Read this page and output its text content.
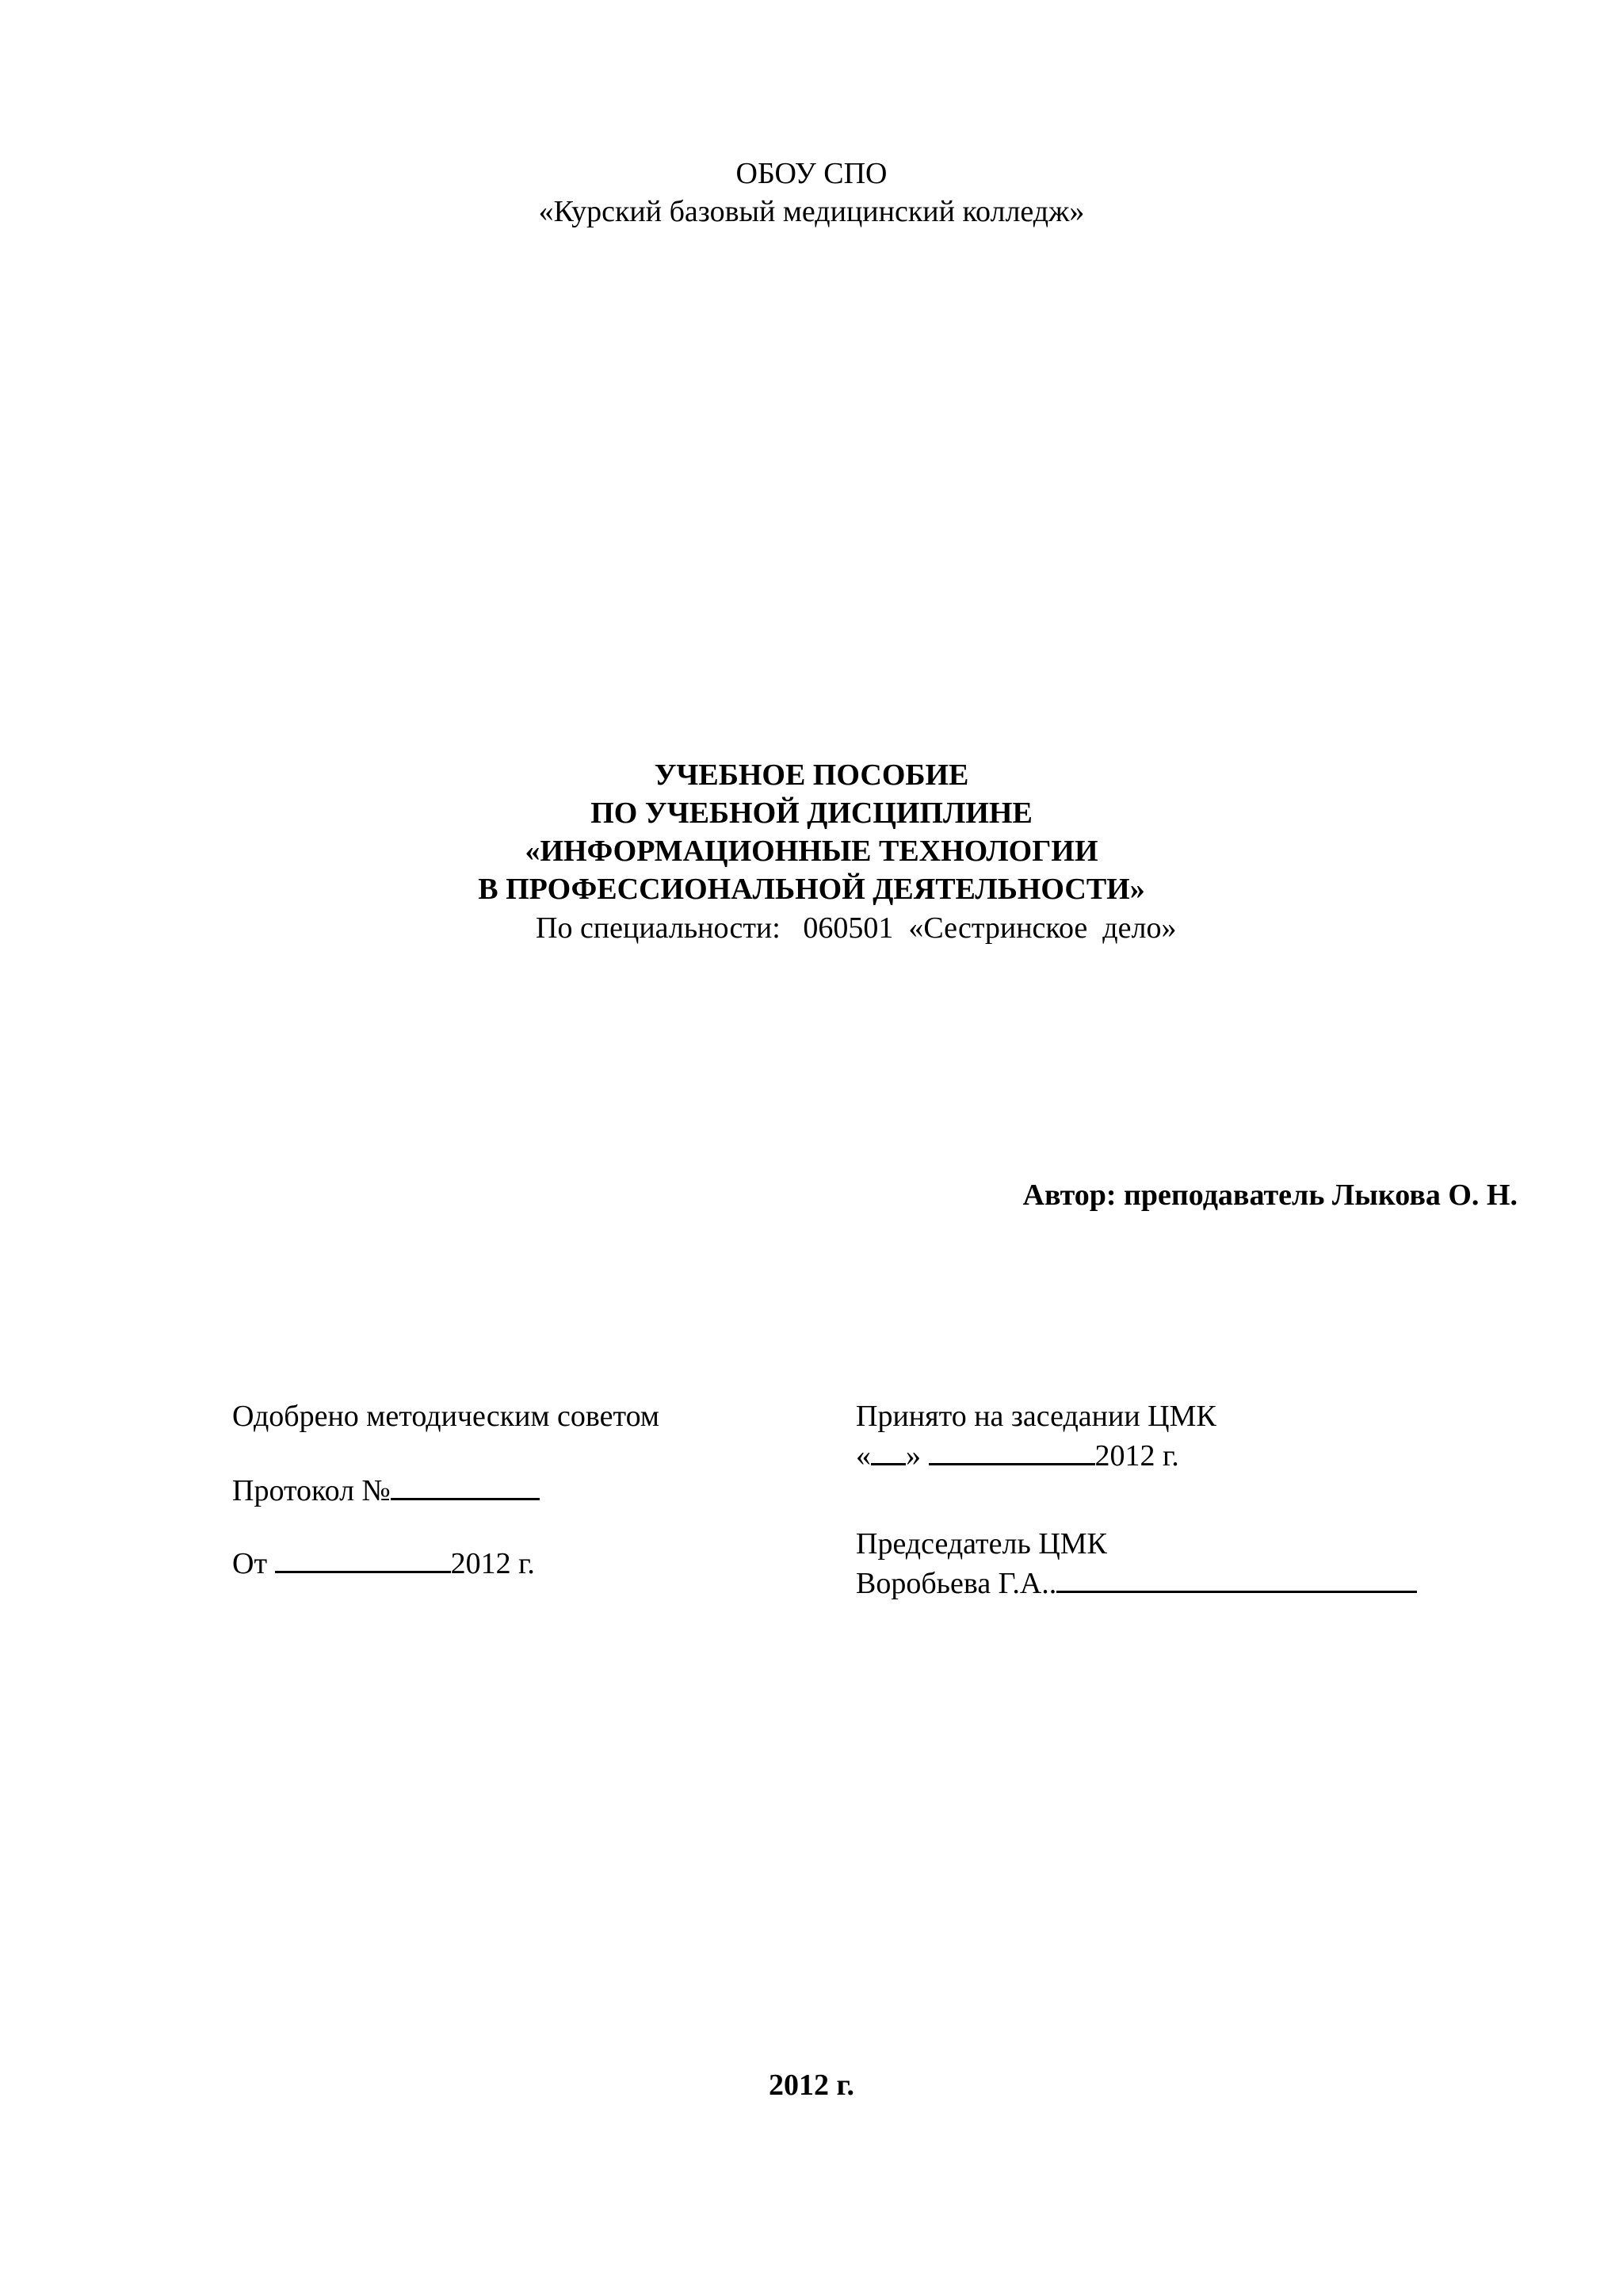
ОБОУ СПО
«Курский базовый медицинский колледж»
УЧЕБНОЕ ПОСОБИЕ
ПО УЧЕБНОЙ ДИСЦИПЛИНЕ
«ИНФОРМАЦИОННЫЕ ТЕХНОЛОГИИ
В ПРОФЕССИОНАЛЬНОЙ ДЕЯТЕЛЬНОСТИ»
По специальности: 060501 «Сестринское  дело»
Автор: преподаватель Лыкова О. Н.
Одобрено методическим советом
Протокол №
От	2012 г.
Принято на заседании ЦМК
« »	2012 г.
Председатель ЦМК
Воробьева Г.А..
2012 г.
